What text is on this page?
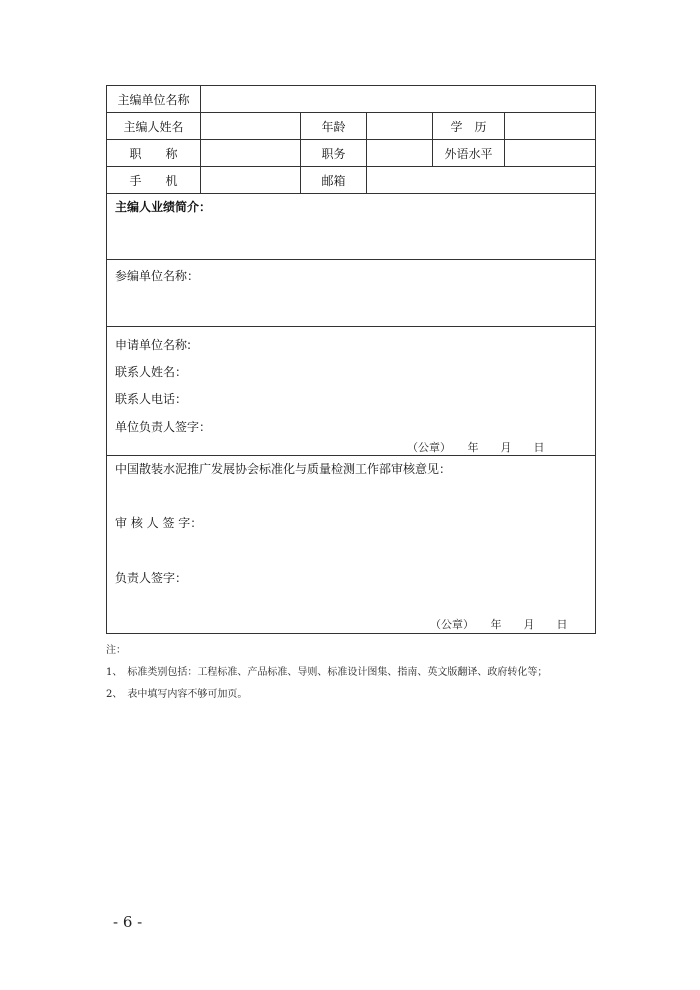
主编单位名称					
主编人姓名		年龄		学　历	
职　　称		职务		外语水平	
手　　机		邮箱			

主编人业绩简介：					

参编单位名称：					

申请单位名称:
联系人姓名：
联系人电话：
单位负责人签字：
（公章）　　年　　月　　日					

中国散装水泥推广发展协会标准化与质量检测工作部审核意见：
审 核 人 签 字：
负责人签字：
（公章）　　年　　月　　日					
注：
1、　标准类别包括：工程标准、产品标准、导则、标准设计图集、指南、英文版翻译、政府转化等；
2、　表中填写内容不够可加页。
- 6 -
